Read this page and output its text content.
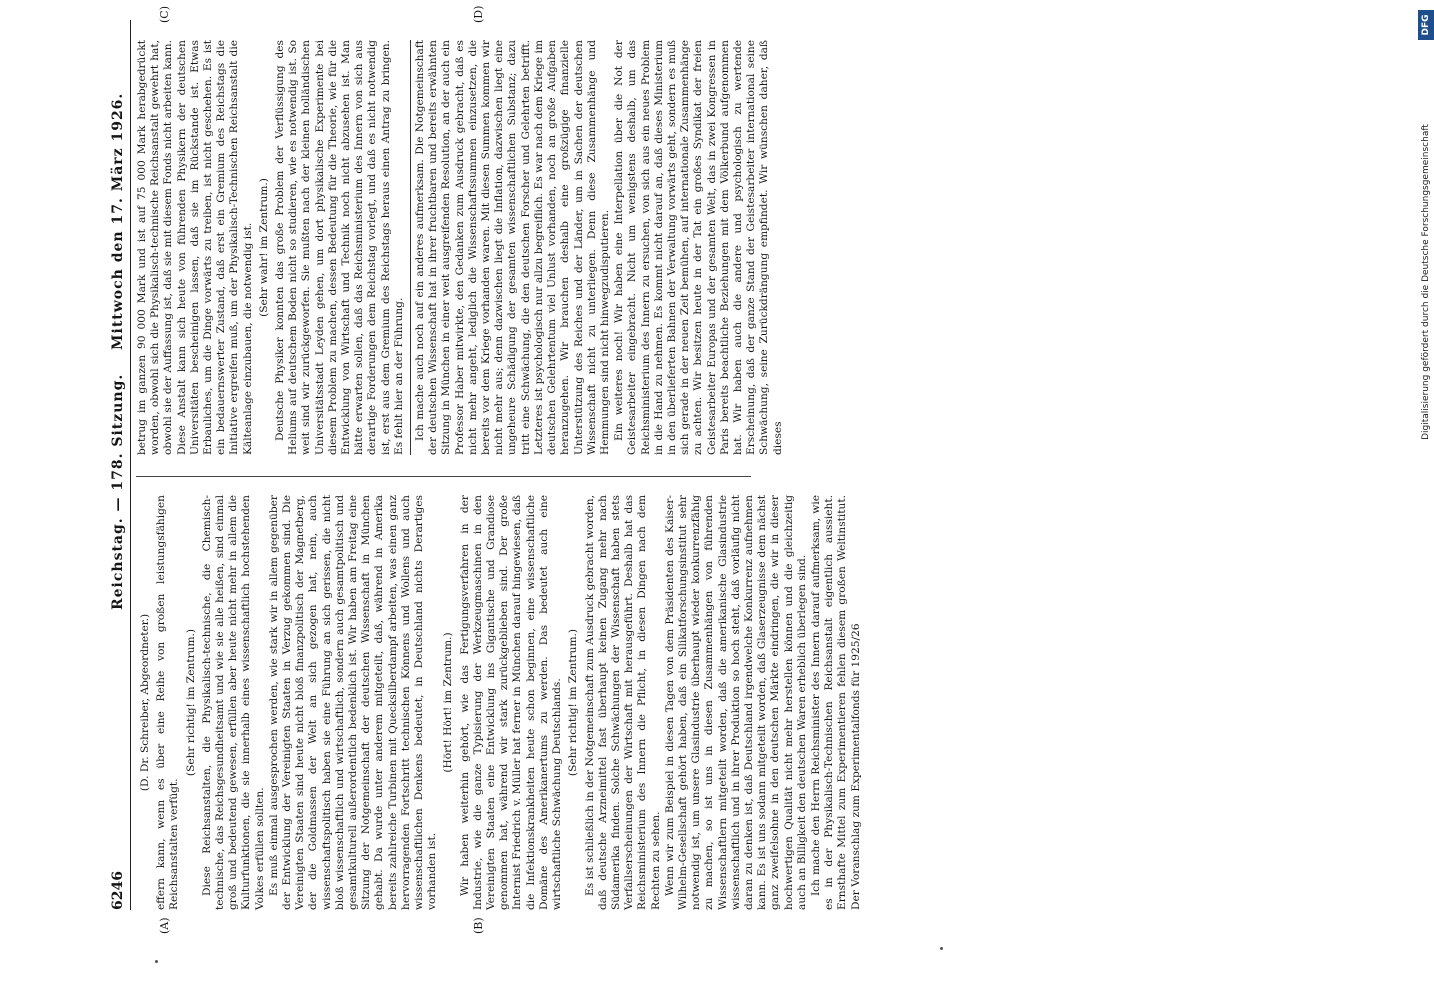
6246
Reichstag. — 178. Sitzung.
Mittwoch den 17. März 1926.
(A)	(B)
(C)	(D)

(D. Dr. Schreiber, Abgeordneter.) effern kann, wenn es über eine Reihe von großen leistungsfähigen Reichsanstalten verfügt.

(Sehr richtig! im Zentrum.) Diese Reichsanstalten, die Physikalisch-technische, die Chemisch-technische, das Reichsgesundheitsamt und wie sie alle heißen, sind einmal groß und bedeutend gewesen, erfüllen aber heute nicht mehr in allem die Kulturfunktionen, die sie innerhalb eines wissenschaftlich hochstehenden Volkes erfüllen sollten. Es muß einmal ausgesprochen werden, wie stark wir in allem gegenüber der Entwicklung der Vereinigten Staaten in Verzug gekommen sind. Die Vereinigten Staaten sind heute nicht bloß finanzpolitisch der Magnetberg, der die Goldmassen der Welt an sich gezogen hat, nein, auch wissenschaftspolitisch haben sie eine Führung an sich gerissen, die nicht bloß wissenschaftlich und wirtschaftlich, sondern auch gesamtpolitisch und gesamtkulturell außerordentlich bedenklich ist. Wir haben am Freitag eine Sitzung der Notgemeinschaft der deutschen Wissenschaft in München gehabt. Da wurde unter anderem mitgeteilt, daß, während in Amerika bereits zahlreiche Turbinen mit Quecksilberdampf arbeiten, was einen ganz hervorragenden Fortschritt technischen Könnens und Wollens und auch wissenschaftlichen Denkens bedeutet, in Deutschland nichts Derartiges vorhanden ist.

(Hört! Hört! im Zentrum.) Wir haben weiterhin gehört, wie das Fertigungsverfahren in der Industrie, wie die ganze Typisierung der Werkzeugmaschinen in den Vereinigten Staaten eine Entwicklung ins Gigantische und Grandiose genommen hat, während wir stark zurückgeblieben sind. Der große Internist Friedrich v. Müller hat ferner in München darauf hingewiesen, daß die Infektionskrankheiten heute schon beginnen, eine wissenschaftliche Domäne des Amerikanertums zu werden. Das bedeutet auch eine wirtschaftliche Schwächung Deutschlands. (Sehr richtig! im Zentrum.) Es ist schließlich in der Notgemeinschaft zum Ausdruck gebracht worden, daß deutsche Arzneimittel fast überhaupt keinen Zugang mehr nach Südamerika finden. Solche Schwächungen der Wissenschaft haben stets Verfallserscheinungen der Wirtschaft mit herausgeführt. Deshalb hat das Reichsministerium des Innern die Pflicht, in diesen Dingen nach dem Rechten zu sehen. Wenn wir zum Beispiel in diesen Tagen von dem Präsidenten des Kaiser-Wilhelm-Gesellschaft gehört haben, daß ein Silikatforschungsinstitut sehr notwendig ist, um unsere Glasindustrie überhaupt wieder konkurrenzfähig zu machen, so ist uns in diesen Zusammenhängen von führenden Wissenschaftlern mitgeteilt worden, daß die amerikanische Glasindustrie wissenschaftlich und in ihrer Produktion so hoch steht, daß vorläufig nicht daran zu denken ist, daß Deutschland irgendwelche Konkurrenz aufnehmen kann. Es ist uns sodann mitgeteilt worden, daß Glaserzeugnisse dem nächst ganz zweifelsohne in den deutschen Märkte eindringen, die wir in dieser hochwertigen Qualität nicht mehr herstellen können und die gleichzeitig auch an Billigkeit den deutschen Waren erheblich überlegen sind. Ich mache den Herrn Reichsminister des Innern darauf aufmerksam, wie es in der Physikalisch-Technischen Reichsanstalt eigentlich aussieht. Ernsthafte Mittel zum Experimentieren fehlen diesem großen Weltinstitut. Der Voranschlag zum Experimentalfonds für 1925/26

betrug im ganzen 90 000 Mark und ist auf 75 000 Mark herabgedrückt worden, obwohl sich die Physikalisch-technische Reichsanstalt gewehrt hat, obwohl sie der Auffassung ist, daß sie mit diesem Fonds nicht arbeiten kann. Diese Anstalt kann sich heute von führenden Physikern der deutschen Universitäten bescheinigen lassen, daß sie im Rückstande ist. Etwas Erbauliches, um die Dinge vorwärts zu treiben, ist nicht geschehen. Es ist ein bedauernswerter Zustand, daß erst ein Gremium des Reichstags die Initiative ergreifen muß, um der Physikalisch-Technischen Reichsanstalt die Kälteanlage einzubauen, die notwendig ist. (Sehr wahr! im Zentrum.) Deutsche Physiker konnten das große Problem der Verflüssigung des Heliums auf deutschem Boden nicht so studieren, wie es notwendig ist. So weit sind wir zurückgeworfen. Sie mußten nach der kleinen holländischen Universitätsstadt Leyden gehen, um dort physikalische Experimente bei diesem Problem zu machen, dessen Bedeutung für die Theorie, wie für die Entwicklung von Wirtschaft und Technik noch nicht abzusehen ist. Man hätte erwarten sollen, daß das Reichsministerium des Innern von sich aus derartige Forderungen dem Reichstag vorlegt, und daß es nicht notwendig ist, erst aus dem Gremium des Reichstags heraus einen Antrag zu bringen. Es fehlt hier an der Führung. Ich mache auch noch auf ein anderes aufmerksam. Die Notgemeinschaft der deutschen Wissenschaft hat in ihrer fruchtbaren und bereits erwähnten Sitzung in München in einer weit ausgreifenden Resolution, an der auch ein Professor Haber mitwirkte, den Gedanken zum Ausdruck gebracht, daß es nicht mehr angeht, lediglich die Wissenschaftssummen einzusetzen, die bereits vor dem Kriege vorhanden waren. Mit diesen Summen kommen wir nicht mehr aus; denn dazwischen liegt die Inflation, dazwischen liegt eine ungeheure Schädigung der gesamten wissenschaftlichen Substanz; dazu tritt eine Schwächung, die den deutschen Forscher und Gelehrten betrifft. Letzteres ist psychologisch nur allzu begreiflich. Es war nach dem Kriege im deutschen Gelehrtentum viel Unlust vorhanden, noch an große Aufgaben heranzugehen. Wir brauchen deshalb eine großzügige finanzielle Unterstützung des Reiches und der Länder, um in Sachen der deutschen Wissenschaft nicht zu unterliegen. Denn diese Zusammenhänge und Hemmungen sind nicht hinwegzudisputieren. Ein weiteres noch! Wir haben eine Interpellation über die Not der Geistesarbeiter eingebracht. Nicht um wenigstens deshalb, um das Reichsministerium des Innern zu ersuchen, von sich aus ein neues Problem in die Hand zu nehmen. Es kommt nicht darauf an, daß dieses Ministerium in den überlieferten Bahnen der Verwaltung vorwärts geht, sondern es muß sich gerade in der neuen Zeit bemühen, auf internationale Zusammenhänge zu achten. Wir besitzen heute in der Tat ein großes Syndikat der freien Geistesarbeiter Europas und der gesamten Welt, das in zwei Kongressen in Paris bereits beachtliche Beziehungen mit dem Völkerbund aufgenommen hat. Wir haben auch die andere und psychologisch zu wertende Erscheinung, daß der ganze Stand der Geistesarbeiter international seine Schwächung, seine Zurückdrängung empfindet. Wir wünschen daher, daß dieses

DFG
Digitalisierung gefördert durch die Deutsche Forschungsgemeinschaft
